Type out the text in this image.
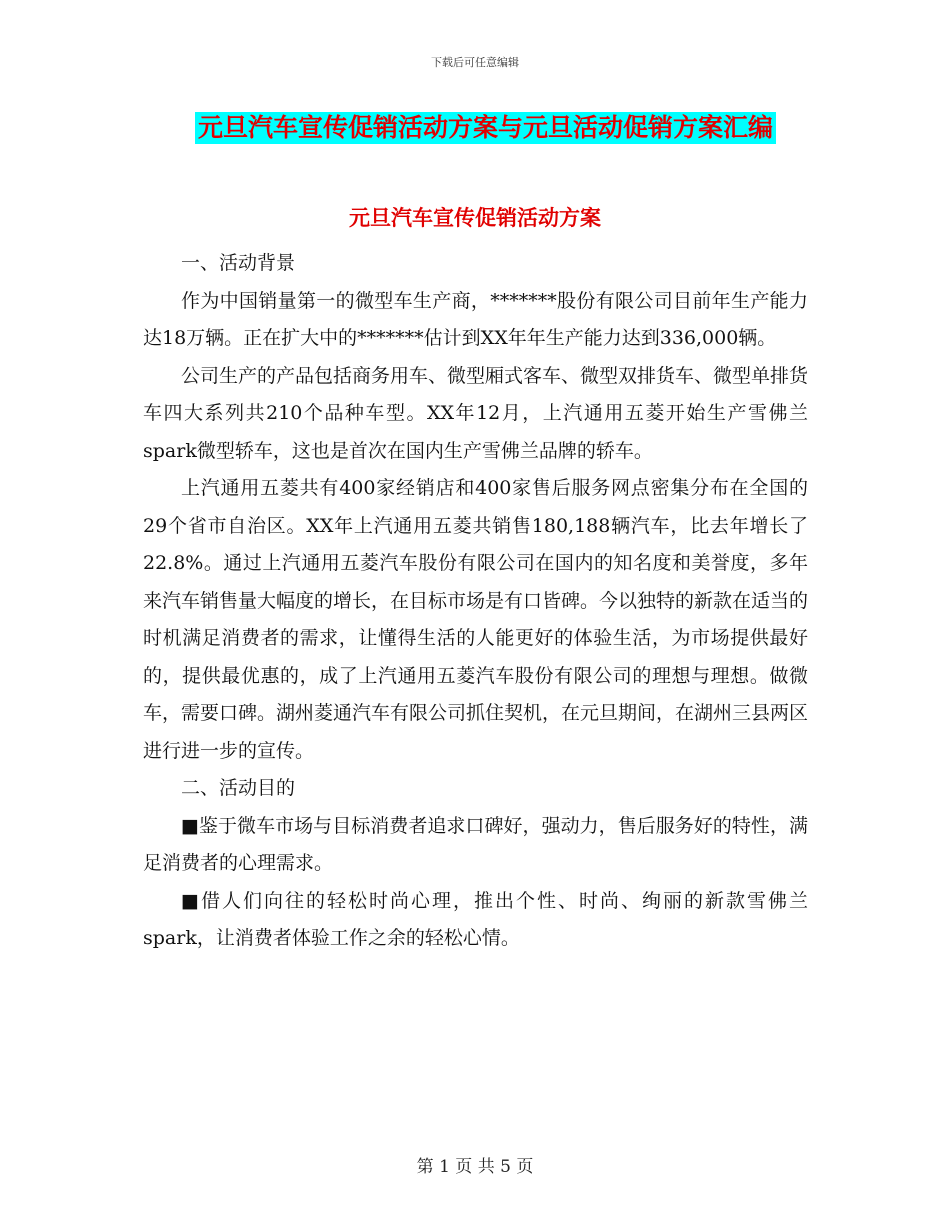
下载后可任意编辑
元旦汽车宣传促销活动方案与元旦活动促销方案汇编
元旦汽车宣传促销活动方案

一、活动背景

作为中国销量第一的微型车生产商，*******股份有限公司目前年生产能力达18万辆。正在扩大中的*******估计到XX年年生产能力达到336,000辆。

公司生产的产品包括商务用车、微型厢式客车、微型双排货车、微型单排货车四大系列共210个品种车型。XX年12月，上汽通用五菱开始生产雪佛兰spark微型轿车，这也是首次在国内生产雪佛兰品牌的轿车。

上汽通用五菱共有400家经销店和400家售后服务网点密集分布在全国的29个省市自治区。XX年上汽通用五菱共销售180,188辆汽车，比去年增长了22.8%。通过上汽通用五菱汽车股份有限公司在国内的知名度和美誉度，多年来汽车销售量大幅度的增长，在目标市场是有口皆碑。今以独特的新款在适当的时机满足消费者的需求，让懂得生活的人能更好的体验生活，为市场提供最好的，提供最优惠的，成了上汽通用五菱汽车股份有限公司的理想与理想。做微车，需要口碑。湖州菱通汽车有限公司抓住契机，在元旦期间，在湖州三县两区进行进一步的宣传。

二、活动目的

■鉴于微车市场与目标消费者追求口碑好，强动力，售后服务好的特性，满足消费者的心理需求。

■借人们向往的轻松时尚心理，推出个性、时尚、绚丽的新款雪佛兰spark，让消费者体验工作之余的轻松心情。

第 1 页 共 5 页
